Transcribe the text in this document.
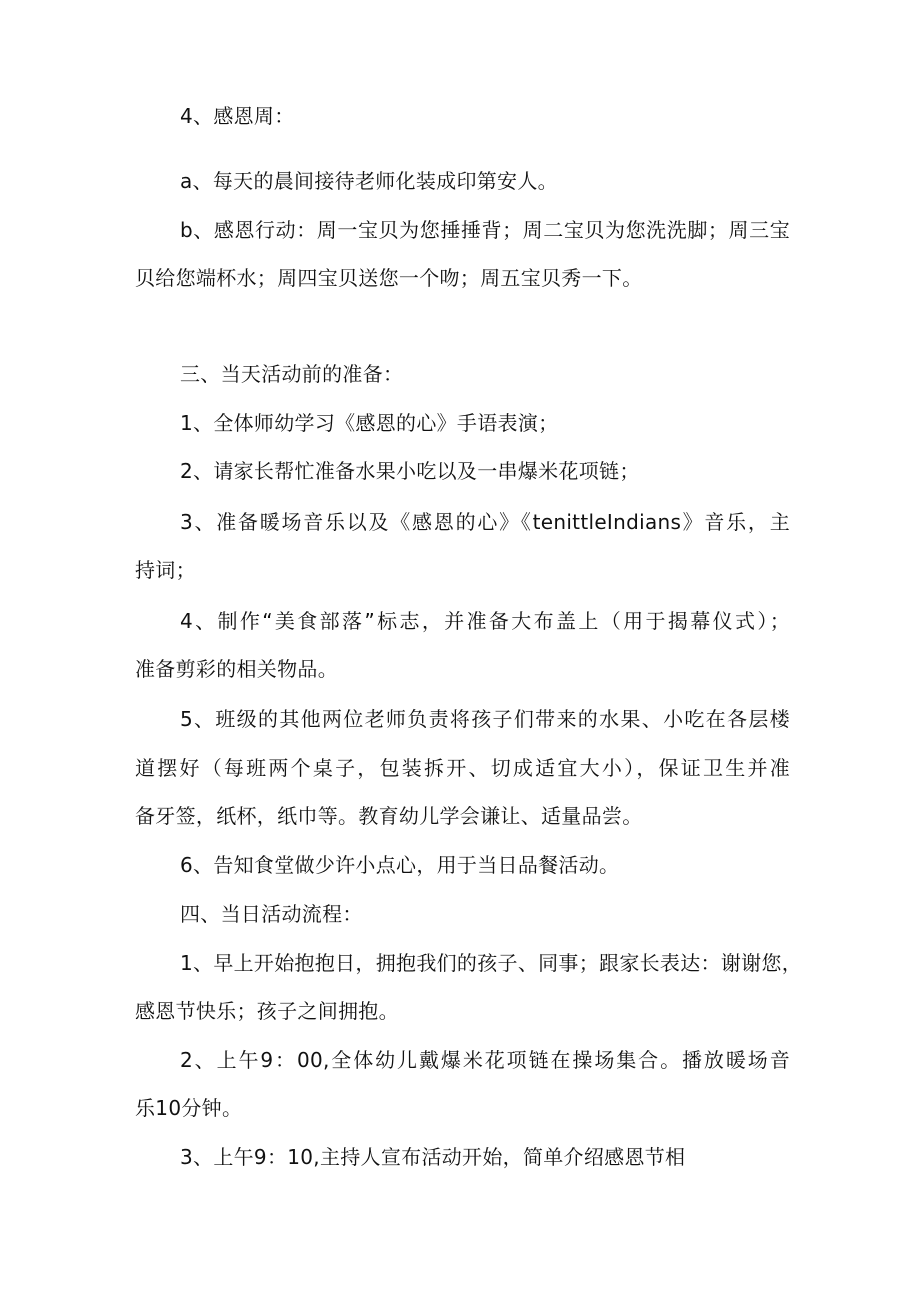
4、感恩周：
a、每天的晨间接待老师化装成印第安人。
b、感恩行动：周一宝贝为您捶捶背；周二宝贝为您洗洗脚；周三宝
贝给您端杯水；周四宝贝送您一个吻；周五宝贝秀一下。
三、当天活动前的准备：
1、全体师幼学习《感恩的心》手语表演；
2、请家长帮忙准备水果小吃以及一串爆米花项链；
3、准备暖场音乐以及《感恩的心》《tenittleIndians》音乐，主
持词；
4、制作“美食部落”标志，并准备大布盖上（用于揭幕仪式）；
准备剪彩的相关物品。
5、班级的其他两位老师负责将孩子们带来的水果、小吃在各层楼
道摆好（每班两个桌子，包装拆开、切成适宜大小），保证卫生并准
备牙签，纸杯，纸巾等。教育幼儿学会谦让、适量品尝。
6、告知食堂做少许小点心，用于当日品餐活动。
四、当日活动流程：
1、早上开始抱抱日，拥抱我们的孩子、同事；跟家长表达：谢谢您，
感恩节快乐；孩子之间拥抱。
2、上午9：00,全体幼儿戴爆米花项链在操场集合。播放暖场音
乐10分钟。
3、上午9：10,主持人宣布活动开始，简单介绍感恩节相
